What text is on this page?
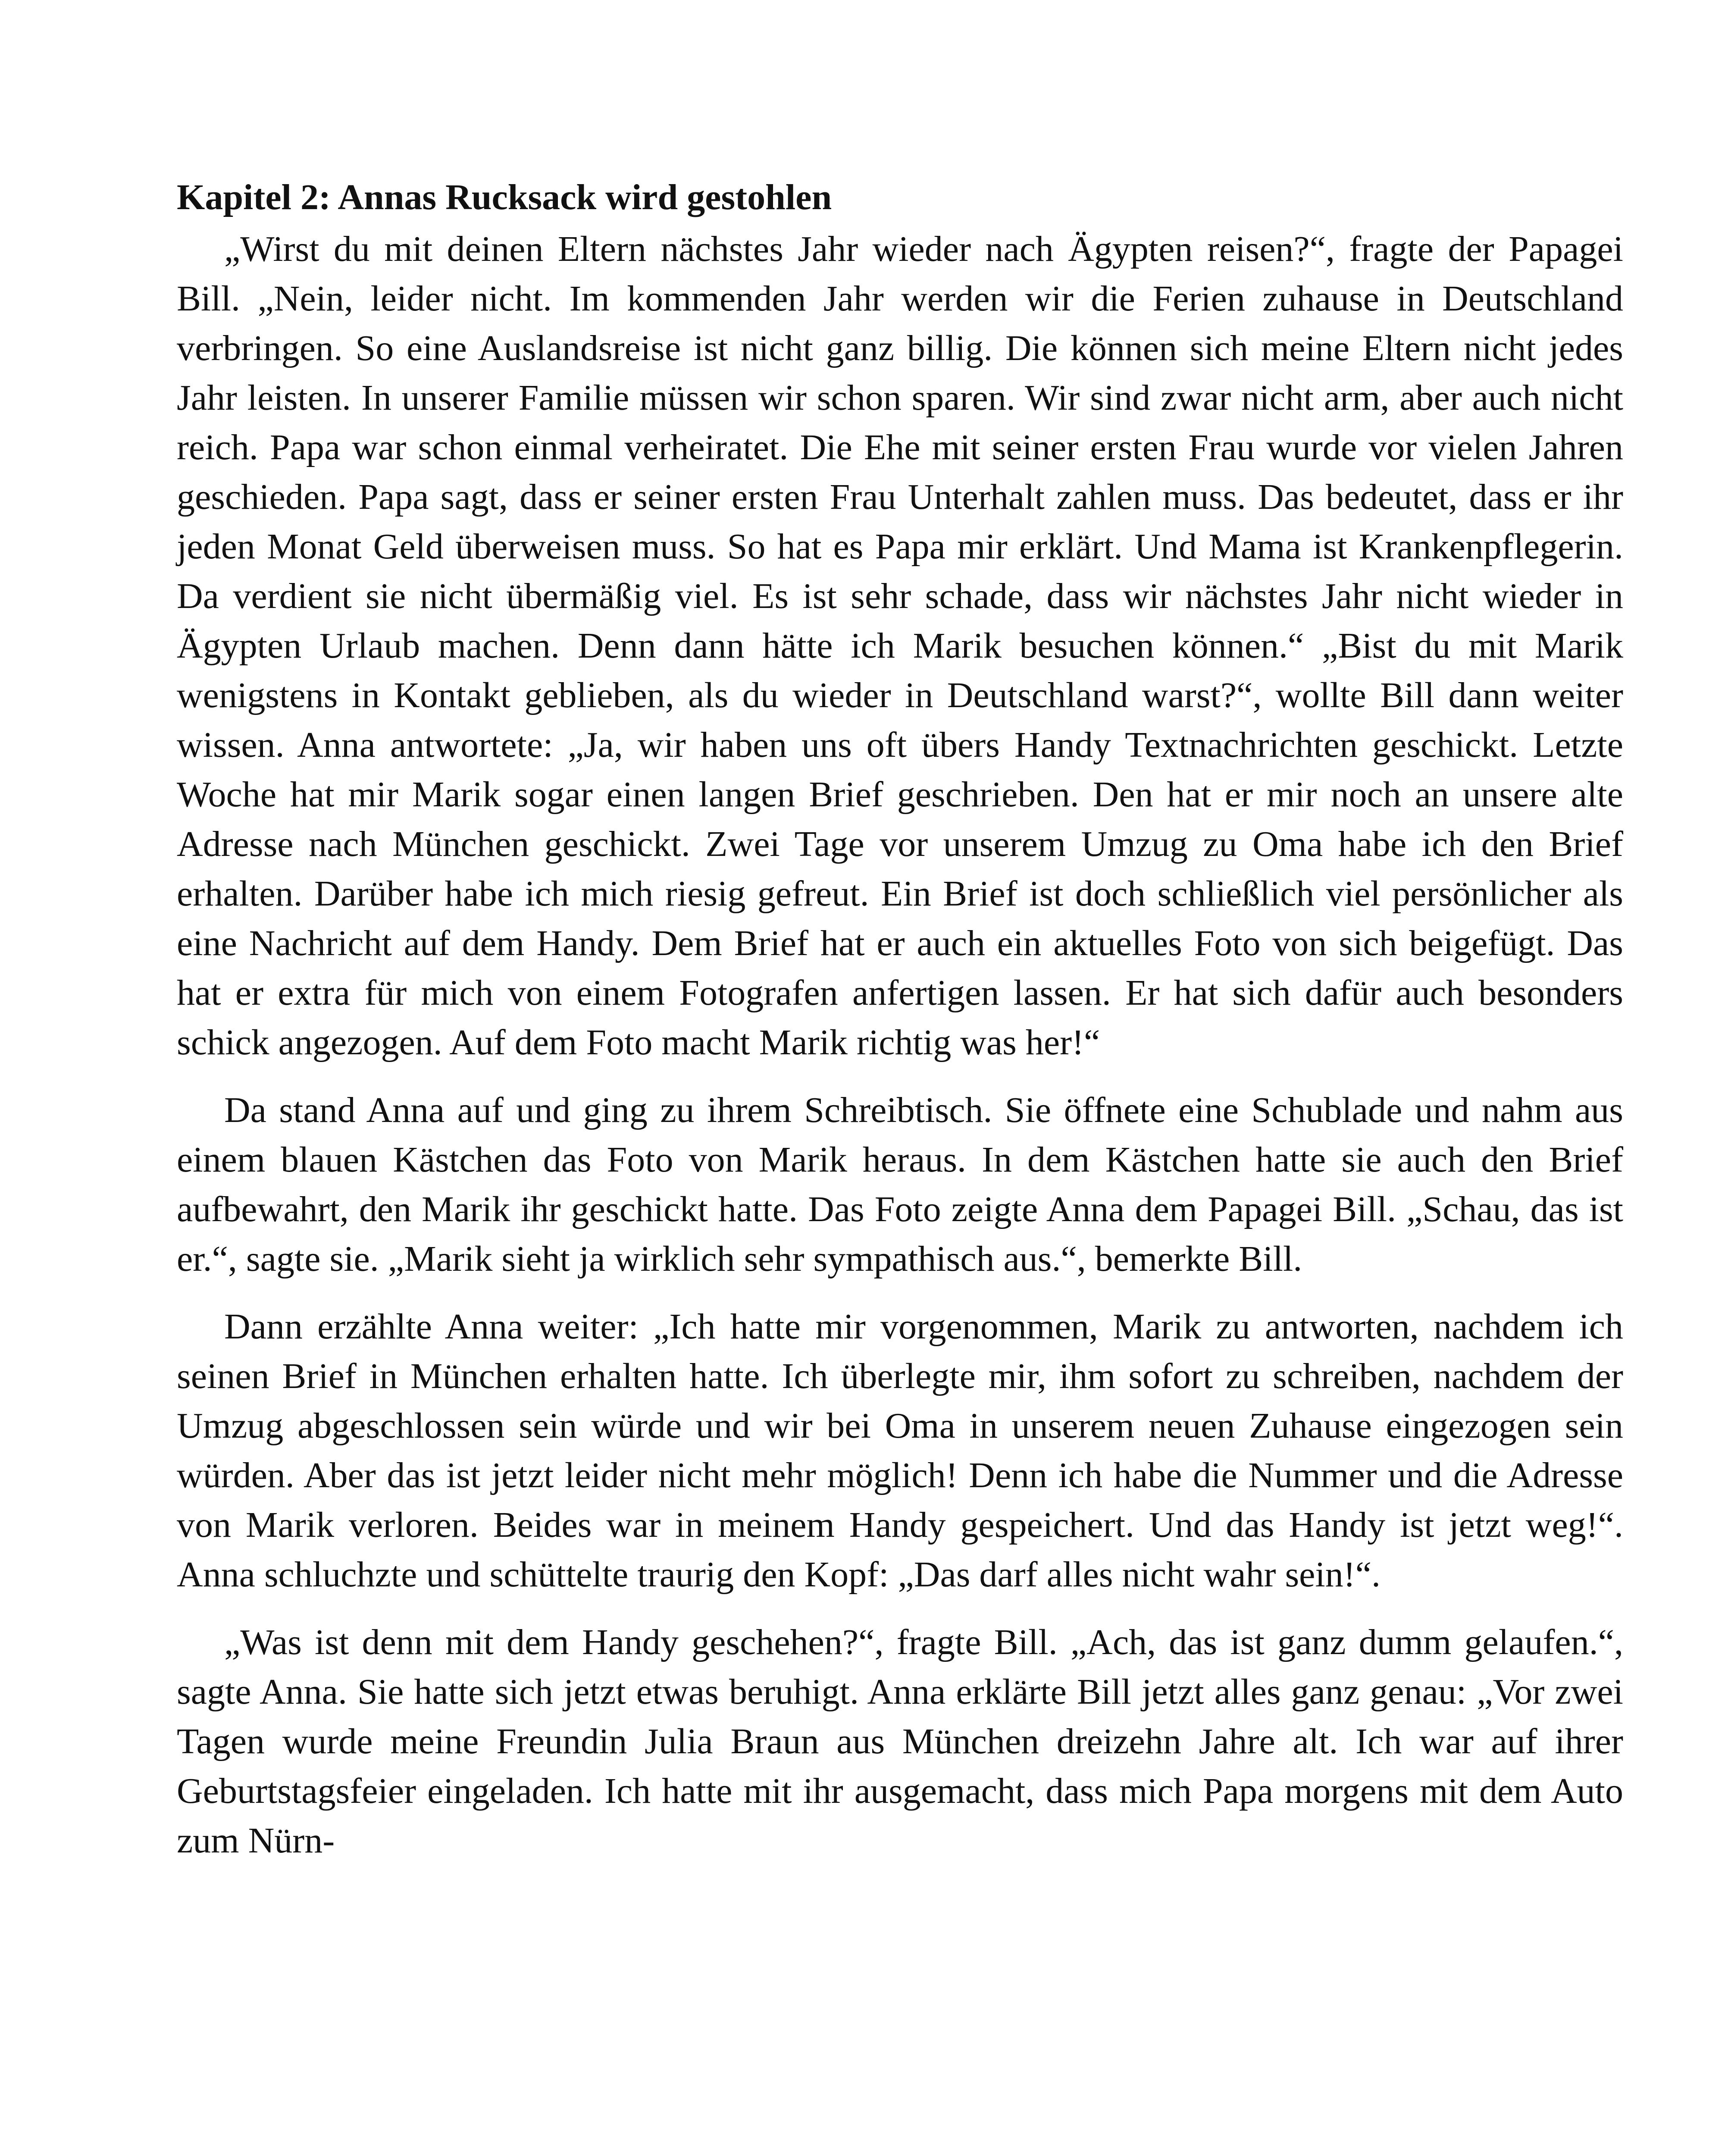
Kapitel 2: Annas Rucksack wird gestohlen

„Wirst du mit deinen Eltern nächstes Jahr wieder nach Ägypten reisen?“, fragte der Papagei Bill. „Nein, leider nicht. Im kommenden Jahr werden wir die Ferien zuhause in Deutschland verbringen. So eine Auslandsreise ist nicht ganz billig. Die können sich meine Eltern nicht jedes Jahr leisten. In unserer Familie müssen wir schon sparen. Wir sind zwar nicht arm, aber auch nicht reich. Papa war schon einmal verheiratet. Die Ehe mit seiner ersten Frau wurde vor vielen Jahren geschieden. Papa sagt, dass er seiner ersten Frau Unterhalt zahlen muss. Das bedeutet, dass er ihr jeden Monat Geld überweisen muss. So hat es Papa mir erklärt. Und Mama ist Krankenpflegerin. Da verdient sie nicht übermäßig viel. Es ist sehr schade, dass wir nächstes Jahr nicht wieder in Ägypten Urlaub machen. Denn dann hätte ich Marik besuchen können.“ „Bist du mit Marik wenigstens in Kontakt geblieben, als du wieder in Deutschland warst?“, wollte Bill dann weiter wissen. Anna antwortete: „Ja, wir haben uns oft übers Handy Textnachrichten geschickt. Letzte Woche hat mir Marik sogar einen langen Brief geschrieben. Den hat er mir noch an unsere alte Adresse nach München geschickt. Zwei Tage vor unserem Umzug zu Oma habe ich den Brief erhalten. Darüber habe ich mich riesig gefreut. Ein Brief ist doch schließlich viel persönlicher als eine Nachricht auf dem Handy. Dem Brief hat er auch ein aktuelles Foto von sich beigefügt. Das hat er extra für mich von einem Fotografen anfertigen lassen. Er hat sich dafür auch besonders schick angezogen. Auf dem Foto macht Marik richtig was her!“

Da stand Anna auf und ging zu ihrem Schreibtisch. Sie öffnete eine Schublade und nahm aus einem blauen Kästchen das Foto von Marik heraus. In dem Kästchen hatte sie auch den Brief aufbewahrt, den Marik ihr geschickt hatte. Das Foto zeigte Anna dem Papagei Bill. „Schau, das ist er.“, sagte sie. „Marik sieht ja wirklich sehr sympathisch aus.“, bemerkte Bill.

Dann erzählte Anna weiter: „Ich hatte mir vorgenommen, Marik zu antworten, nachdem ich seinen Brief in München erhalten hatte. Ich überlegte mir, ihm sofort zu schreiben, nachdem der Umzug abgeschlossen sein würde und wir bei Oma in unserem neuen Zuhause eingezogen sein würden. Aber das ist jetzt leider nicht mehr möglich! Denn ich habe die Nummer und die Adresse von Marik verloren. Beides war in meinem Handy gespeichert. Und das Handy ist jetzt weg!“. Anna schluchzte und schüttelte traurig den Kopf: „Das darf alles nicht wahr sein!“.

„Was ist denn mit dem Handy geschehen?“, fragte Bill. „Ach, das ist ganz dumm gelaufen.“, sagte Anna. Sie hatte sich jetzt etwas beruhigt. Anna erklärte Bill jetzt alles ganz genau: „Vor zwei Tagen wurde meine Freundin Julia Braun aus München dreizehn Jahre alt. Ich war auf ihrer Geburtstagsfeier eingeladen. Ich hatte mit ihr ausgemacht, dass mich Papa morgens mit dem Auto zum Nürn-
